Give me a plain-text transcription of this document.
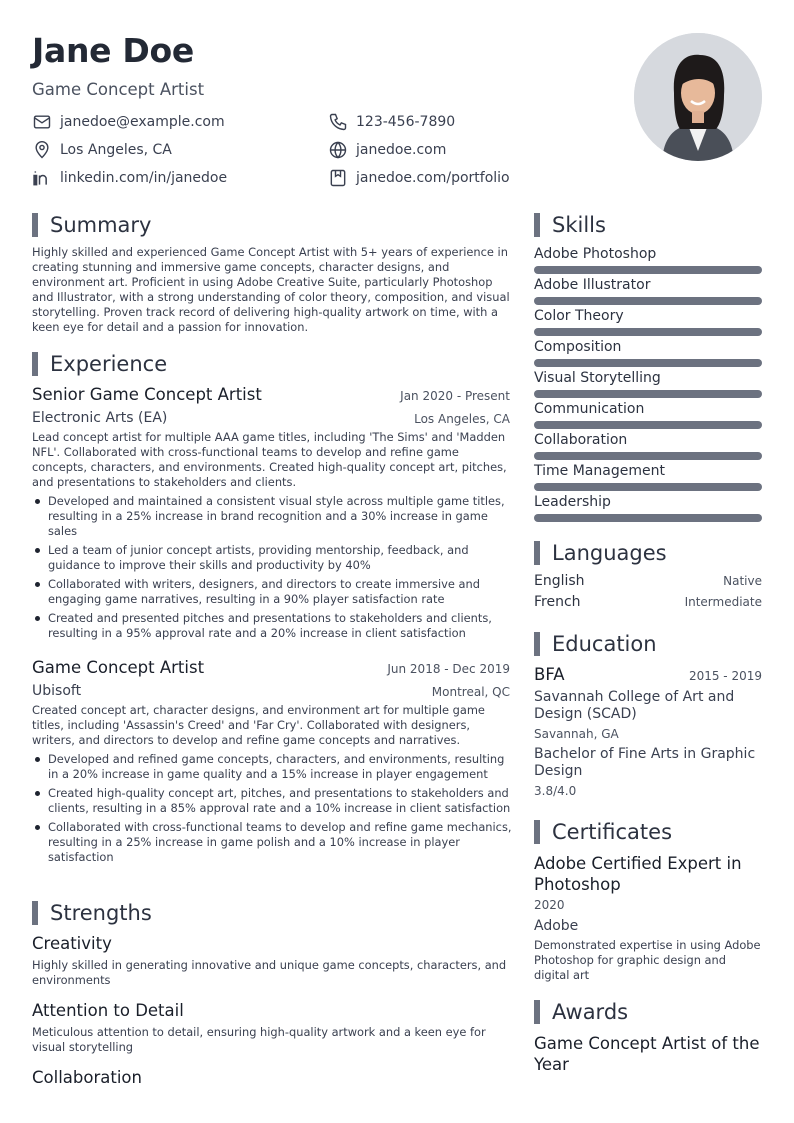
Jane Doe
Game Concept Artist
janedoe@example.com	123-456-7890
Los Angeles, CA	janedoe.com
linkedin.com/in/janedoe	janedoe.com/portfolio
Summary
Highly skilled and experienced Game Concept Artist with 5+ years of experience in creating stunning and immersive game concepts, character designs, and environment art. Proficient in using Adobe Creative Suite, particularly Photoshop and Illustrator, with a strong understanding of color theory, composition, and visual storytelling. Proven track record of delivering high-quality artwork on time, with a keen eye for detail and a passion for innovation.
Experience
Senior Game Concept Artist	Jan 2020 - Present
Electronic Arts (EA)	Los Angeles, CA
Lead concept artist for multiple AAA game titles, including 'The Sims' and 'Madden NFL'. Collaborated with cross-functional teams to develop and refine game concepts, characters, and environments. Created high-quality concept art, pitches, and presentations to stakeholders and clients.
Developed and maintained a consistent visual style across multiple game titles, resulting in a 25% increase in brand recognition and a 30% increase in game sales
Led a team of junior concept artists, providing mentorship, feedback, and guidance to improve their skills and productivity by 40%
Collaborated with writers, designers, and directors to create immersive and engaging game narratives, resulting in a 90% player satisfaction rate
Created and presented pitches and presentations to stakeholders and clients, resulting in a 95% approval rate and a 20% increase in client satisfaction
Game Concept Artist	Jun 2018 - Dec 2019
Ubisoft	Montreal, QC
Created concept art, character designs, and environment art for multiple game titles, including 'Assassin's Creed' and 'Far Cry'. Collaborated with designers, writers, and directors to develop and refine game concepts and narratives.
Developed and refined game concepts, characters, and environments, resulting in a 20% increase in game quality and a 15% increase in player engagement
Created high-quality concept art, pitches, and presentations to stakeholders and clients, resulting in a 85% approval rate and a 10% increase in client satisfaction
Collaborated with cross-functional teams to develop and refine game mechanics, resulting in a 25% increase in game polish and a 10% increase in player satisfaction
Strengths
Creativity
Highly skilled in generating innovative and unique game concepts, characters, and environments
Attention to Detail
Meticulous attention to detail, ensuring high-quality artwork and a keen eye for visual storytelling
Collaboration
Skills
Adobe Photoshop
Adobe Illustrator
Color Theory
Composition
Visual Storytelling
Communication
Collaboration
Time Management
Leadership
Languages
English	Native
French	Intermediate
Education
BFA	2015 - 2019
Savannah College of Art and Design (SCAD)
Savannah, GA
Bachelor of Fine Arts in Graphic Design
3.8/4.0
Certificates
Adobe Certified Expert in Photoshop
2020
Adobe
Demonstrated expertise in using Adobe Photoshop for graphic design and digital art
Awards
Game Concept Artist of the Year
